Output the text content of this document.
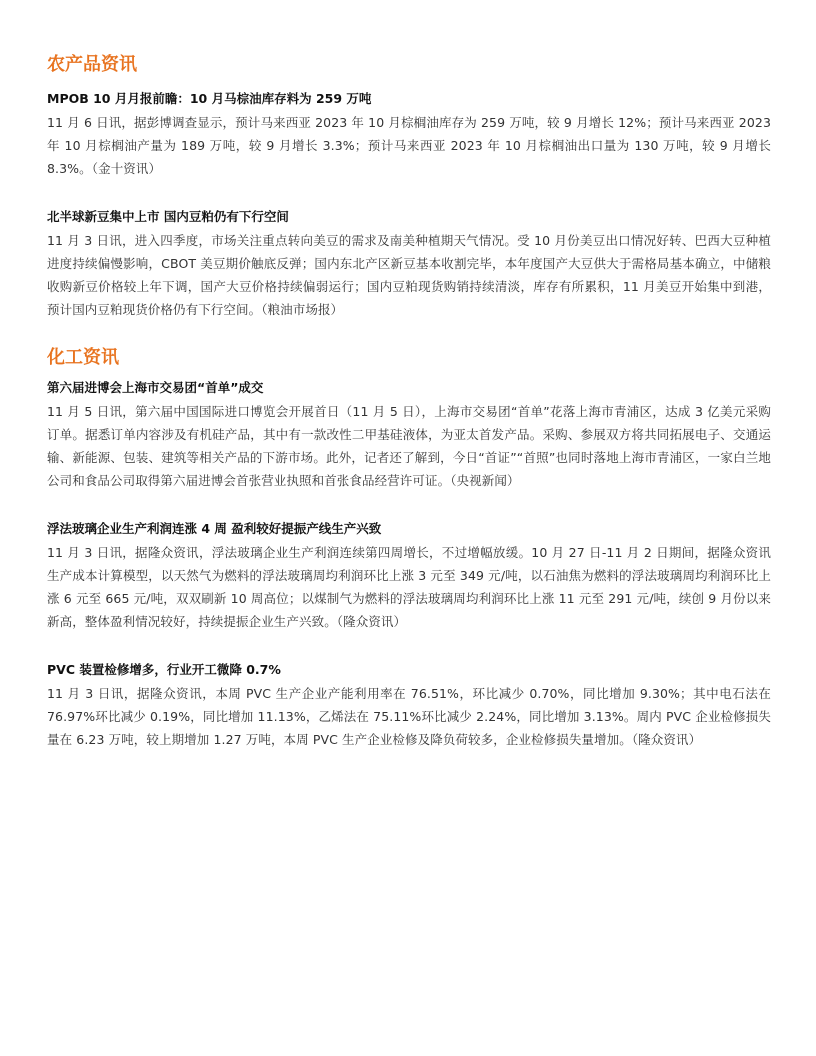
农产品资讯
MPOB 10 月月报前瞻：10 月马棕油库存料为 259 万吨

11 月 6 日讯，据彭博调查显示，预计马来西亚 2023 年 10 月棕榈油库存为 259 万吨，较 9 月增长 12%；预计马来西亚 2023 年 10 月棕榈油产量为 189 万吨，较 9 月增长 3.3%；预计马来西亚 2023 年 10 月棕榈油出口量为 130 万吨，较 9 月增长 8.3%。（金十资讯）

北半球新豆集中上市 国内豆粕仍有下行空间

11 月 3 日讯，进入四季度，市场关注重点转向美豆的需求及南美种植期天气情况。受 10 月份美豆出口情况好转、巴西大豆种植进度持续偏慢影响，CBOT 美豆期价触底反弹；国内东北产区新豆基本收割完毕，本年度国产大豆供大于需格局基本确立，中储粮收购新豆价格较上年下调，国产大豆价格持续偏弱运行；国内豆粕现货购销持续清淡，库存有所累积，11 月美豆开始集中到港，预计国内豆粕现货价格仍有下行空间。（粮油市场报）

化工资讯
第六届进博会上海市交易团“首单”成交

11 月 5 日讯，第六届中国国际进口博览会开展首日（11 月 5 日），上海市交易团“首单”花落上海市青浦区，达成 3 亿美元采购订单。据悉订单内容涉及有机硅产品，其中有一款改性二甲基硅液体，为亚太首发产品。采购、参展双方将共同拓展电子、交通运输、新能源、包装、建筑等相关产品的下游市场。此外，记者还了解到，今日“首证”“首照”也同时落地上海市青浦区，一家白兰地公司和食品公司取得第六届进博会首张营业执照和首张食品经营许可证。（央视新闻）

浮法玻璃企业生产利润连涨 4 周 盈利较好提振产线生产兴致

11 月 3 日讯，据隆众资讯，浮法玻璃企业生产利润连续第四周增长，不过增幅放缓。10 月 27 日-11 月 2 日期间，据隆众资讯生产成本计算模型，以天然气为燃料的浮法玻璃周均利润环比上涨 3 元至 349 元/吨，以石油焦为燃料的浮法玻璃周均利润环比上涨 6 元至 665 元/吨，双双刷新 10 周高位；以煤制气为燃料的浮法玻璃周均利润环比上涨 11 元至 291 元/吨，续创 9 月份以来新高，整体盈利情况较好，持续提振企业生产兴致。（隆众资讯）

PVC 装置检修增多，行业开工微降 0.7%

11 月 3 日讯，据隆众资讯，本周 PVC 生产企业产能利用率在 76.51%，环比减少 0.70%，同比增加 9.30%；其中电石法在 76.97%环比减少 0.19%，同比增加 11.13%，乙烯法在 75.11%环比减少 2.24%，同比增加 3.13%。周内 PVC 企业检修损失量在 6.23 万吨，较上期增加 1.27 万吨，本周 PVC 生产企业检修及降负荷较多，企业检修损失量增加。（隆众资讯）
